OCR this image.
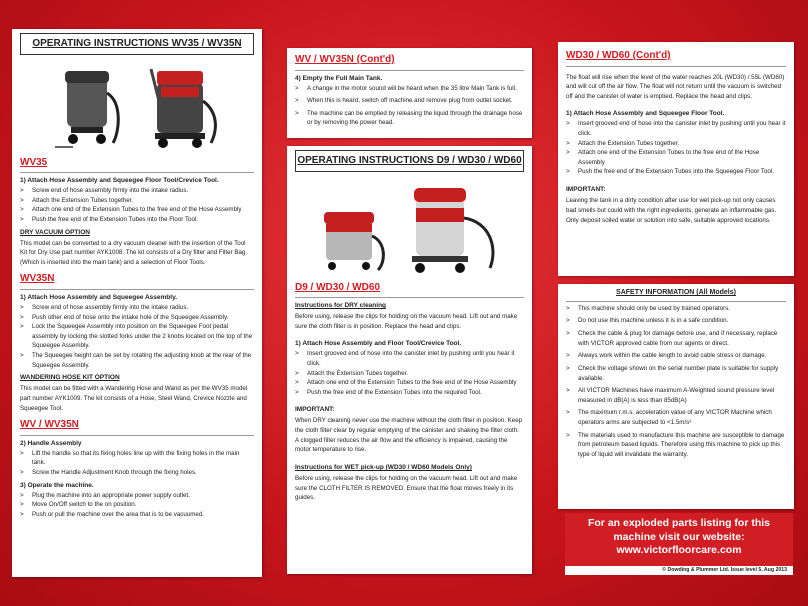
OPERATING INSTRUCTIONS WV35 / WV35N
WV35
1) Attach Hose Assembly and Squeegee Floor Tool/Crevice Tool.
> Screw end of hose assembly firmly into the intake radius.
> Attach the Extension Tubes together.
> Attach one end of the Extension Tubes to the free end of the Hose Assembly
> Push the free end of the Extension Tubes into the Floor Tool.
DRY VACUUM OPTION

This model can be converted to a dry vacuum cleaner with the insertion of the Tool Kit for Dry Use part number AYK1008. The kit consists of a Dry filter and Filter Bag (Which is inserted into the main tank) and a selection of Floor Tools.

WV35N
1) Attach Hose Assembly and Squeegee Assembly.
> Screw end of hose assembly firmly into the intake radius.
> Push other end of hose onto the intake hole of the Squeegee Assembly.
> Lock the Squeegee Assembly into position on the Squeegee Foot pedal assembly by locking the slotted forks under the 2 knobs located on the top of the Squeegee Assembly.
> The Squeegee height can be set by rotating the adjusting knob at the rear of the Squeegee Assembly.
WANDERING HOSE KIT OPTION

This model can be fitted with a Wandering Hose and Wand as per the WV35 model part number AYK1009. The kit consists of a Hose, Steel Wand, Crevice Nozzle and Squeegee Tool.

WV / WV35N
2) Handle Assembly
> Lift the handle so that its fixing holes line up with the fixing holes in the main tank.
> Screw the Handle Adjustment Knob through the fixing holes.
3) Operate the machine.
> Plug the machine into an appropriate power supply outlet.
> Move On/Off switch to the on position.
> Push or pull the machine over the area that is to be vacuumed.
WV / WV35N (Cont'd)
4) Empty the Full Main Tank.
> A change in the motor sound will be heard when the 35 litre Main Tank is full.
> When this is heard, switch off machine and remove plug from outlet socket.
> The machine can be emptied by releasing the liquid through the drainage hose or by removing the power head.
OPERATING INSTRUCTIONS D9 / WD30 / WD60
D9 / WD30 / WD60
Instructions for DRY cleaning

Before using, release the clips for holding on the vacuum head. Lift out and make sure the cloth filter is in position. Replace the head and clips.

1) Attach Hose Assembly and Floor Tool/Crevice Tool.
> Insert grooved end of hose into the canister inlet by pushing until you hear it click.
> Attach the Extension Tubes together.
> Attach one end of the Extension Tubes to the free end of the Hose Assembly
> Push the free end of the Extension Tubes into the required Tool.
IMPORTANT:

When DRY cleaning never use the machine without the cloth filter in position. Keep the cloth filter clear by regular emptying of the canister and shaking the filter cloth. A clogged filter reduces the air flow and the efficiency is impaired, causing the motor temperature to rise.

Instructions for WET pick-up (WD30 / WD60 Models Only)

Before using, release the clips for holding on the vacuum head. Lift out and make sure the CLOTH FILTER IS REMOVED. Ensure that the float moves freely in its guides.

WD30 / WD60 (Cont'd)

The float will rise when the level of the water reaches 20L (WD30) / 55L (WD60) and will cut off the air flow. The float will not return until the vacuum is switched off and the canister of water is emptied. Replace the head and clips.

1) Attach Hose Assembly and Squeegee Floor Tool.
> Insert grooved end of hose into the canister inlet by pushing until you hear it click.
> Attach the Extension Tubes together.
> Attach one end of the Extension Tubes to the free end of the Hose Assembly
> Push the free end of the Extension Tubes into the Squeegee Floor Tool.
IMPORTANT:

Leaving the tank in a dirty condition after use for wet pick-up not only causes bad smells but could with the right ingredients, generate an inflammable gas.

Only deposit soiled water or solution into safe, suitable approved locations.

SAFETY INFORMATION (All Models)
> This machine should only be used by trained operators.
> Do not use this machine unless it is in a safe condition.
> Check the cable & plug for damage before use, and if necessary, replace with VICTOR approved cable from our agents or direct.
> Always work within the cable length to avoid cable stress or damage.
> Check the voltage shown on the serial number plate is suitable for supply available.
> All VICTOR Machines have maximum A-Weighted sound pressure level measured in dB(A) is less than 85dB(A)
> The maximum r.m.s. acceleration value of any VICTOR Machine which operators arms are subjected to <1.5m/s²
> The materials used to manufacture this machine are susceptible to damage from petroleum based liquids. Therefore using this machine to pick up this type of liquid will invalidate the warranty.
For an exploded parts listing for this
machine visit our website:
www.victorfloorcare.com
© Dowding & Plummer Ltd. Issue level 5, Aug 2013
